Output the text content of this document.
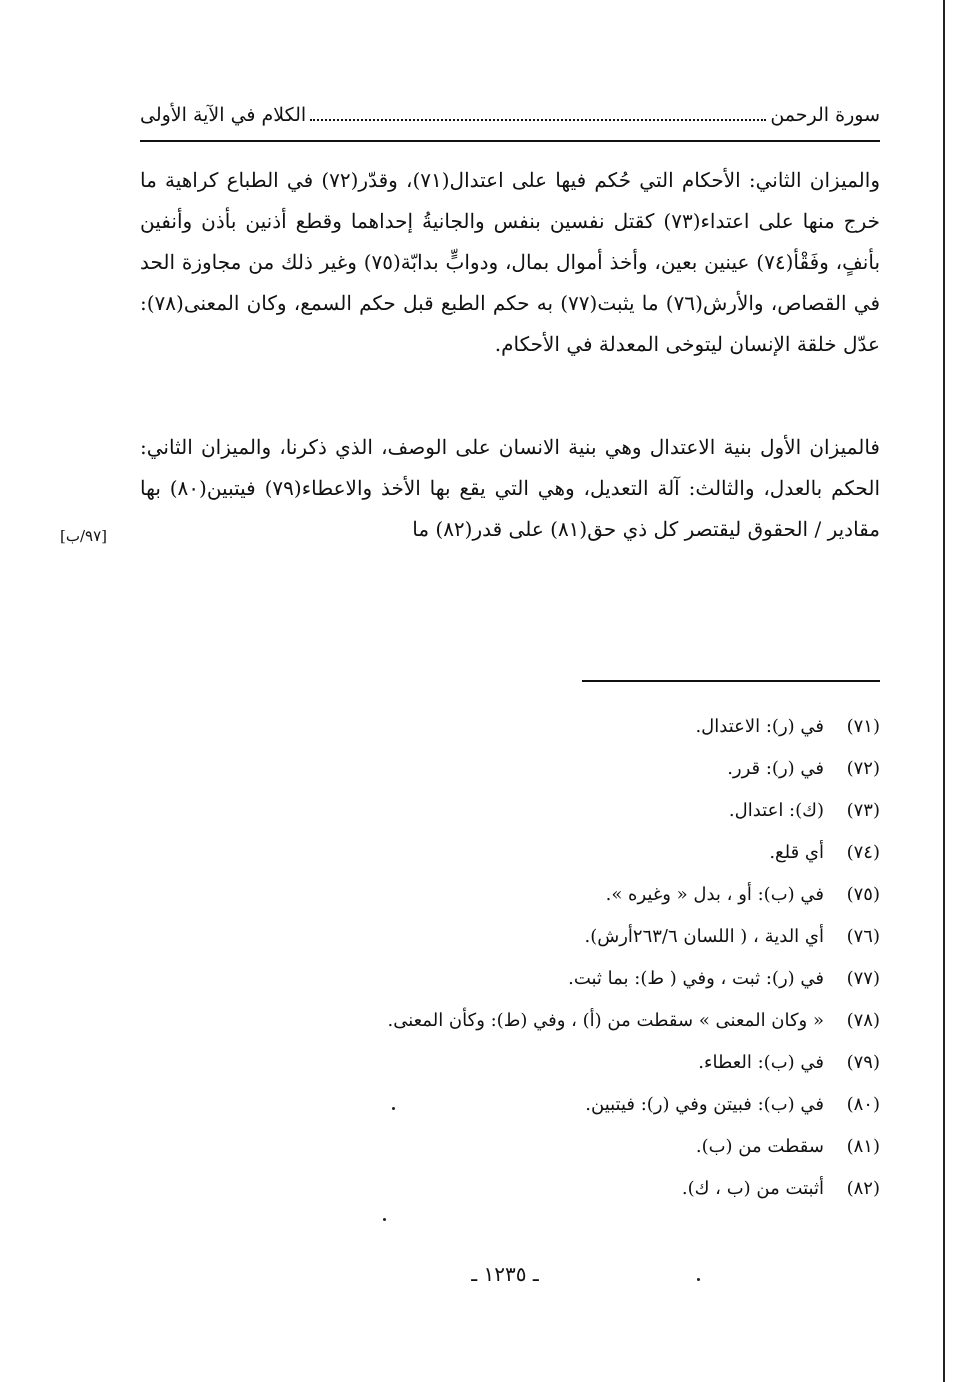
سورة الرحمن
الكلام في الآية الأولى

والميزان الثاني: الأحكام التي حُكم فيها على اعتدال(٧١)، وقدّر(٧٢) في الطباع كراهية ما خرج منها على اعتداء(٧٣) كقتل نفسين بنفس والجانيةُ إحداهما وقطع أذنين بأذن وأنفين بأنفٍ، وفَقْأ(٧٤) عينين بعين، وأخذ أموال بمال، ودوابٍّ بدابّة(٧٥) وغير ذلك من مجاوزة الحد في القصاص، والأرش(٧٦) ما يثبت(٧٧) به حكم الطبع قبل حكم السمع، وكان المعنى(٧٨): عدّل خلقة الإنسان ليتوخى المعدلة في الأحكام.

فالميزان الأول بنية الاعتدال وهي بنية الانسان على الوصف، الذي ذكرنا، والميزان الثاني: الحكم بالعدل، والثالث: آلة التعديل، وهي التي يقع بها الأخذ والاعطاء(٧٩) فيتبين(٨٠) بها مقادير / الحقوق ليقتصر كل ذي حق(٨١) على قدر(٨٢) ما

[٩٧/ب]
(٧١)في (ر): الاعتدال.
(٧٢)في (ر): قرر.
(٧٣)(ك): اعتدال.
(٧٤)أي قلع.
(٧٥)في (ب): أو ، بدل « وغيره ».
(٧٦)أي الدية ، ( اللسان ٢٦٣/٦أرش).
(٧٧)في (ر): ثبت ، وفي ( ط): بما ثبت.
(٧٨)« وكان المعنى » سقطت من (أ) ، وفي (ط): وكأن المعنى.
(٧٩)في (ب): العطاء.
(٨٠)في (ب): فبيتن وفي (ر): فيتبين.
(٨١)سقطت من (ب).
(٨٢)أثبتت من (ب ، ك).
ـ ١٢٣٥ ـ
